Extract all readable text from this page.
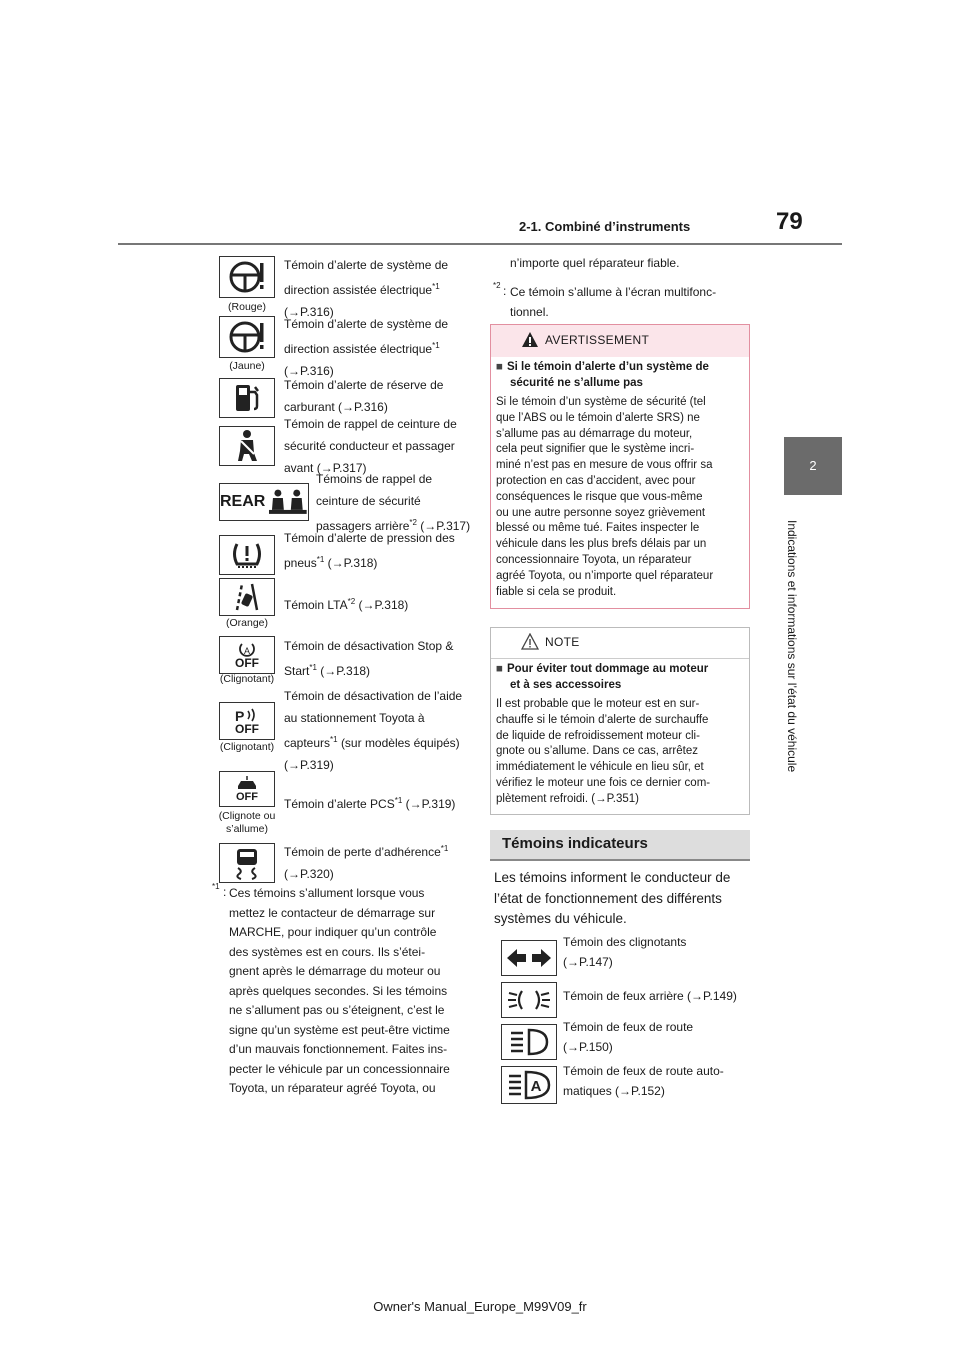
2-1. Combiné d’instruments	79
2
Indications et informations sur l’état du véhicule
(Rouge)
Témoin d’alerte de système de direction assistée électrique$^{*1}$ (→P.316)
(Jaune)
Témoin d’alerte de système de direction assistée électrique$^{*1}$ (→P.316)
Témoin d’alerte de réserve de carburant (→P.316)
Témoin de rappel de ceinture de sécurité conducteur et passager avant (→P.317)
REAR
Témoins de rappel de ceinture de sécurité passagers arrière$^{*2}$ (→P.317)
Témoin d’alerte de pression des pneus$^{*1}$ (→P.318)
(Orange)
Témoin LTA$^{*2}$ (→P.318)
A
OFF
(Clignotant)
Témoin de désactivation Stop & Start$^{*1}$ (→P.318)
P
OFF
(Clignotant)
Témoin de désactivation de l’aide au stationnement Toyota à capteurs$^{*1}$ (sur modèles équipés) (→P.319)
OFF
(Clignote ou s’allume)
Témoin d’alerte PCS$^{*1}$ (→P.319)
Témoin de perte d’adhérence$^{*1}$ (→P.320)
*1 : Ces témoins s’allument lorsque vous
mettez le contacteur de démarrage sur
MARCHE, pour indiquer qu’un contrôle
des systèmes est en cours. Ils s’étei-
gnent après le démarrage du moteur ou
après quelques secondes. Si les témoins
ne s’allument pas ou s’éteignent, c’est le
signe qu’un système est peut-être victime
d’un mauvais fonctionnement. Faites ins-
pecter le véhicule par un concessionnaire
Toyota, un réparateur agréé Toyota, ou
n’importe quel réparateur fiable.
*2 : Ce témoin s’allume à l’écran multifonc-
tionnel.
AVERTISSEMENT
■ Si le témoin d’alerte d’un système de
sécurité ne s’allume pas
Si le témoin d’un système de sécurité (tel
que l’ABS ou le témoin d’alerte SRS) ne
s’allume pas au démarrage du moteur,
cela peut signifier que le système incri-
miné n’est pas en mesure de vous offrir sa
protection en cas d’accident, avec pour
conséquences le risque que vous-même
ou une autre personne soyez grièvement
blessé ou même tué. Faites inspecter le
véhicule dans les plus brefs délais par un
concessionnaire Toyota, un réparateur
agréé Toyota, ou n’importe quel réparateur
fiable si cela se produit.
NOTE
■ Pour éviter tout dommage au moteur
et à ses accessoires
Il est probable que le moteur est en sur-
chauffe si le témoin d’alerte de surchauffe
de liquide de refroidissement moteur cli-
gnote ou s’allume. Dans ce cas, arrêtez
immédiatement le véhicule en lieu sûr, et
vérifiez le moteur une fois ce dernier com-
plètement refroidi. (→P.351)
Témoins indicateurs
Les témoins informent le conducteur de
l’état de fonctionnement des différents
systèmes du véhicule.
Témoin des clignotants
(→P.147)
Témoin de feux arrière (→P.149)
Témoin de feux de route
(→P.150)
A
Témoin de feux de route auto-
matiques (→P.152)
Owner's Manual_Europe_M99V09_fr
